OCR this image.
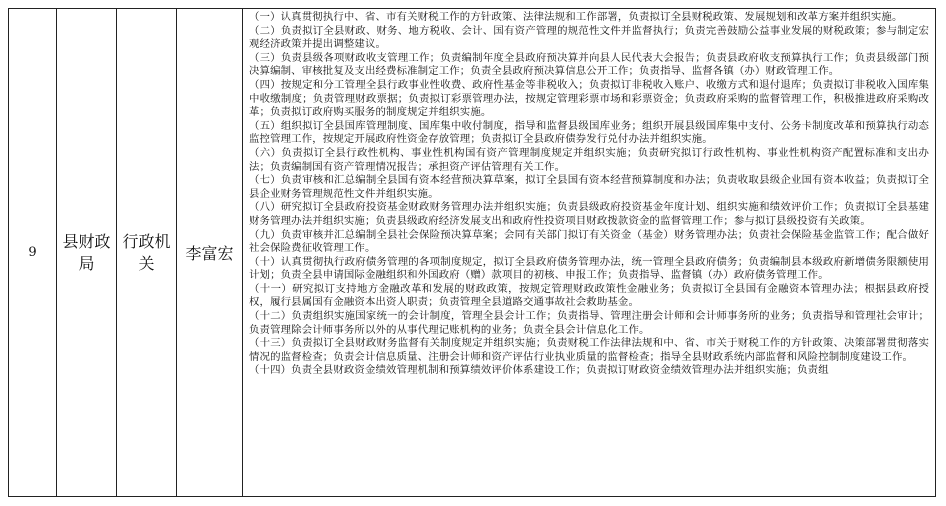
9
县财政局
行政机关	李富宏

（一）认真贯彻执行中、省、市有关财税工作的方针政策、法律法规和工作部署，负责拟订全县财税政策、发展规划和改革方案并组织实施。

（二）负责拟订全县财政、财务、地方税收、会计、国有资产管理的规范性文件并监督执行；负责完善鼓励公益事业发展的财税政策；参与制定宏观经济政策并提出调整建议。

（三）负责县级各项财政收支管理工作；负责编制年度全县政府预决算并向县人民代表大会报告；负责县政府收支预算执行工作；负责县级部门预决算编制、审核批复及支出经费标准制定工作；负责全县政府预决算信息公开工作；负责指导、监督各镇（办）财政管理工作。

（四）按规定和分工管理全县行政事业性收费、政府性基金等非税收入；负责拟订非税收入账户、收缴方式和退付退库；负责拟订非税收入国库集中收缴制度；负责管理财政票据；负责拟订彩票管理办法，按规定管理彩票市场和彩票资金；负责政府采购的监督管理工作，积极推进政府采购改革；负责拟订政府购买服务的制度规定并组织实施。

（五）组织拟订全县国库管理制度、国库集中收付制度，指导和监督县级国库业务；组织开展县级国库集中支付、公务卡制度改革和预算执行动态监控管理工作，按规定开展政府性资金存放管理；负责拟订全县政府债券发行兑付办法并组织实施。

（六）负责拟订全县行政性机构、事业性机构国有资产管理制度规定并组织实施；负责研究拟订行政性机构、事业性机构资产配置标准和支出办法；负责编制国有资产管理情况报告；承担资产评估管理有关工作。

（七）负责审核和汇总编制全县国有资本经营预决算草案，拟订全县国有资本经营预算制度和办法；负责收取县级企业国有资本收益；负责拟订全县企业财务管理规范性文件并组织实施。

（八）研究拟订全县政府投资基金财政财务管理办法并组织实施；负责县级政府投资基金年度计划、组织实施和绩效评价工作；负责拟订全县基建财务管理办法并组织实施；负责县级政府经济发展支出和政府性投资项目财政拨款资金的监督管理工作；参与拟订县级投资有关政策。

（九）负责审核并汇总编制全县社会保险预决算草案；会同有关部门拟订有关资金（基金）财务管理办法；负责社会保险基金监管工作；配合做好社会保险费征收管理工作。

（十）认真贯彻执行政府债务管理的各项制度规定，拟订全县政府债务管理办法，统一管理全县政府债务；负责编制县本级政府新增债务限额使用计划；负责全县申请国际金融组织和外国政府（赠）款项目的初核、申报工作；负责指导、监督镇（办）政府债务管理工作。

（十一）研究拟订支持地方金融改革和发展的财政政策，按规定管理财政政策性金融业务；负责拟订全县国有金融资本管理办法；根据县政府授权，履行县属国有金融资本出资人职责；负责管理全县道路交通事故社会救助基金。

（十二）负责组织实施国家统一的会计制度，管理全县会计工作；负责指导、管理注册会计师和会计师事务所的业务；负责指导和管理社会审计；负责管理除会计师事务所以外的从事代理记账机构的业务；负责全县会计信息化工作。

（十三）负责拟订全县财政财务监督有关制度规定并组织实施；负责财税工作法律法规和中、省、市关于财税工作的方针政策、决策部署贯彻落实情况的监督检查；负责会计信息质量、注册会计师和资产评估行业执业质量的监督检查；指导全县财政系统内部监督和风险控制制度建设工作。

（十四）负责全县财政资金绩效管理机制和预算绩效评价体系建设工作；负责拟订财政资金绩效管理办法并组织实施；负责组
